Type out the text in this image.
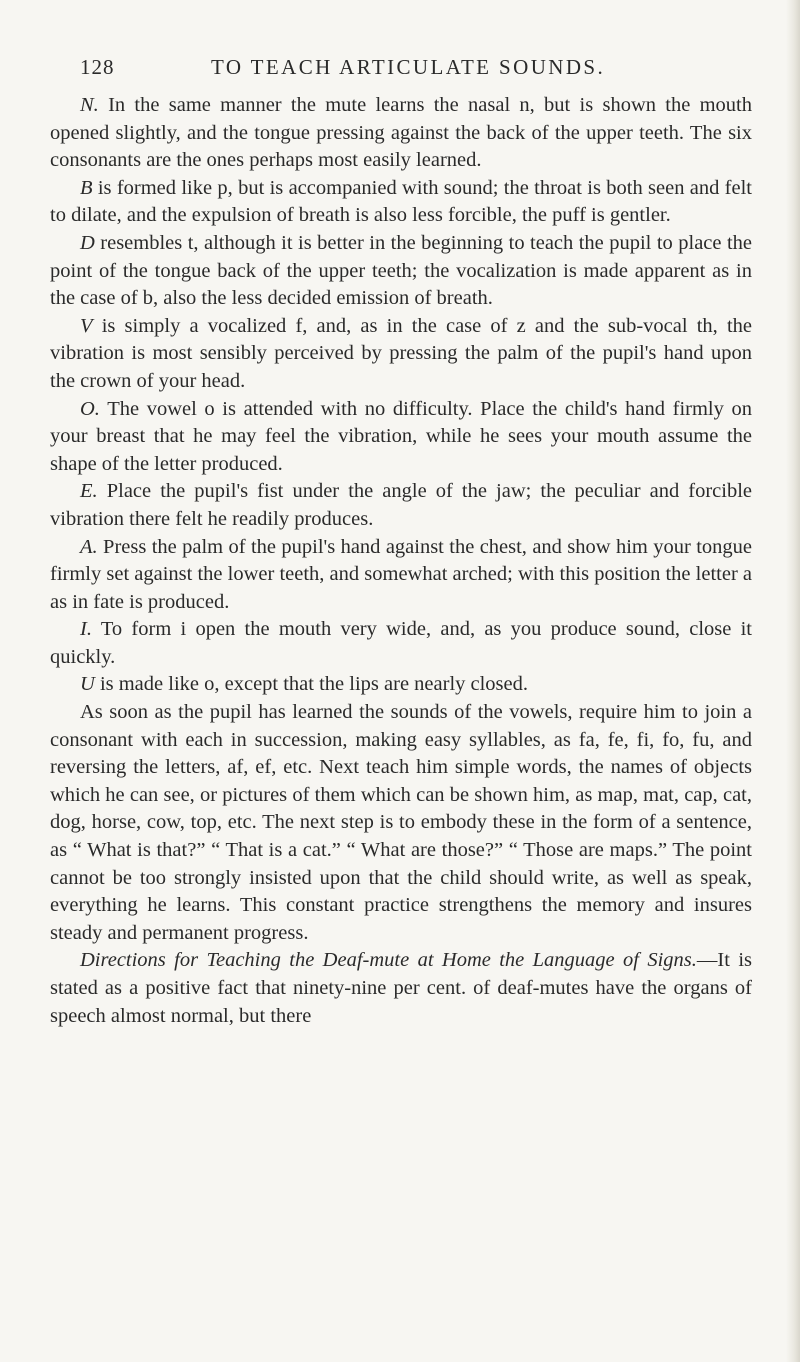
128	TO TEACH ARTICULATE SOUNDS.

N. In the same manner the mute learns the nasal n, but is shown the mouth opened slightly, and the tongue pressing against the back of the upper teeth. The six consonants are the ones perhaps most easily learned.

B is formed like p, but is accompanied with sound; the throat is both seen and felt to dilate, and the expulsion of breath is also less forcible, the puff is gentler.

D resembles t, although it is better in the beginning to teach the pupil to place the point of the tongue back of the upper teeth; the vocalization is made apparent as in the case of b, also the less decided emission of breath.

V is simply a vocalized f, and, as in the case of z and the sub-vocal th, the vibration is most sensibly perceived by pressing the palm of the pupil's hand upon the crown of your head.

O. The vowel o is attended with no difficulty. Place the child's hand firmly on your breast that he may feel the vibration, while he sees your mouth assume the shape of the letter produced.

E. Place the pupil's fist under the angle of the jaw; the peculiar and forcible vibration there felt he readily produces.

A. Press the palm of the pupil's hand against the chest, and show him your tongue firmly set against the lower teeth, and somewhat arched; with this position the letter a as in fate is produced.

I. To form i open the mouth very wide, and, as you produce sound, close it quickly.

U is made like o, except that the lips are nearly closed.

As soon as the pupil has learned the sounds of the vowels, require him to join a consonant with each in succession, making easy syllables, as fa, fe, fi, fo, fu, and reversing the letters, af, ef, etc. Next teach him simple words, the names of objects which he can see, or pictures of them which can be shown him, as map, mat, cap, cat, dog, horse, cow, top, etc. The next step is to embody these in the form of a sentence, as “ What is that?” “ That is a cat.” “ What are those?” “ Those are maps.” The point cannot be too strongly insisted upon that the child should write, as well as speak, everything he learns. This constant practice strengthens the memory and insures steady and permanent progress.

Directions for Teaching the Deaf-mute at Home the Language of Signs.—It is stated as a positive fact that ninety-nine per cent. of deaf-mutes have the organs of speech almost normal, but there
